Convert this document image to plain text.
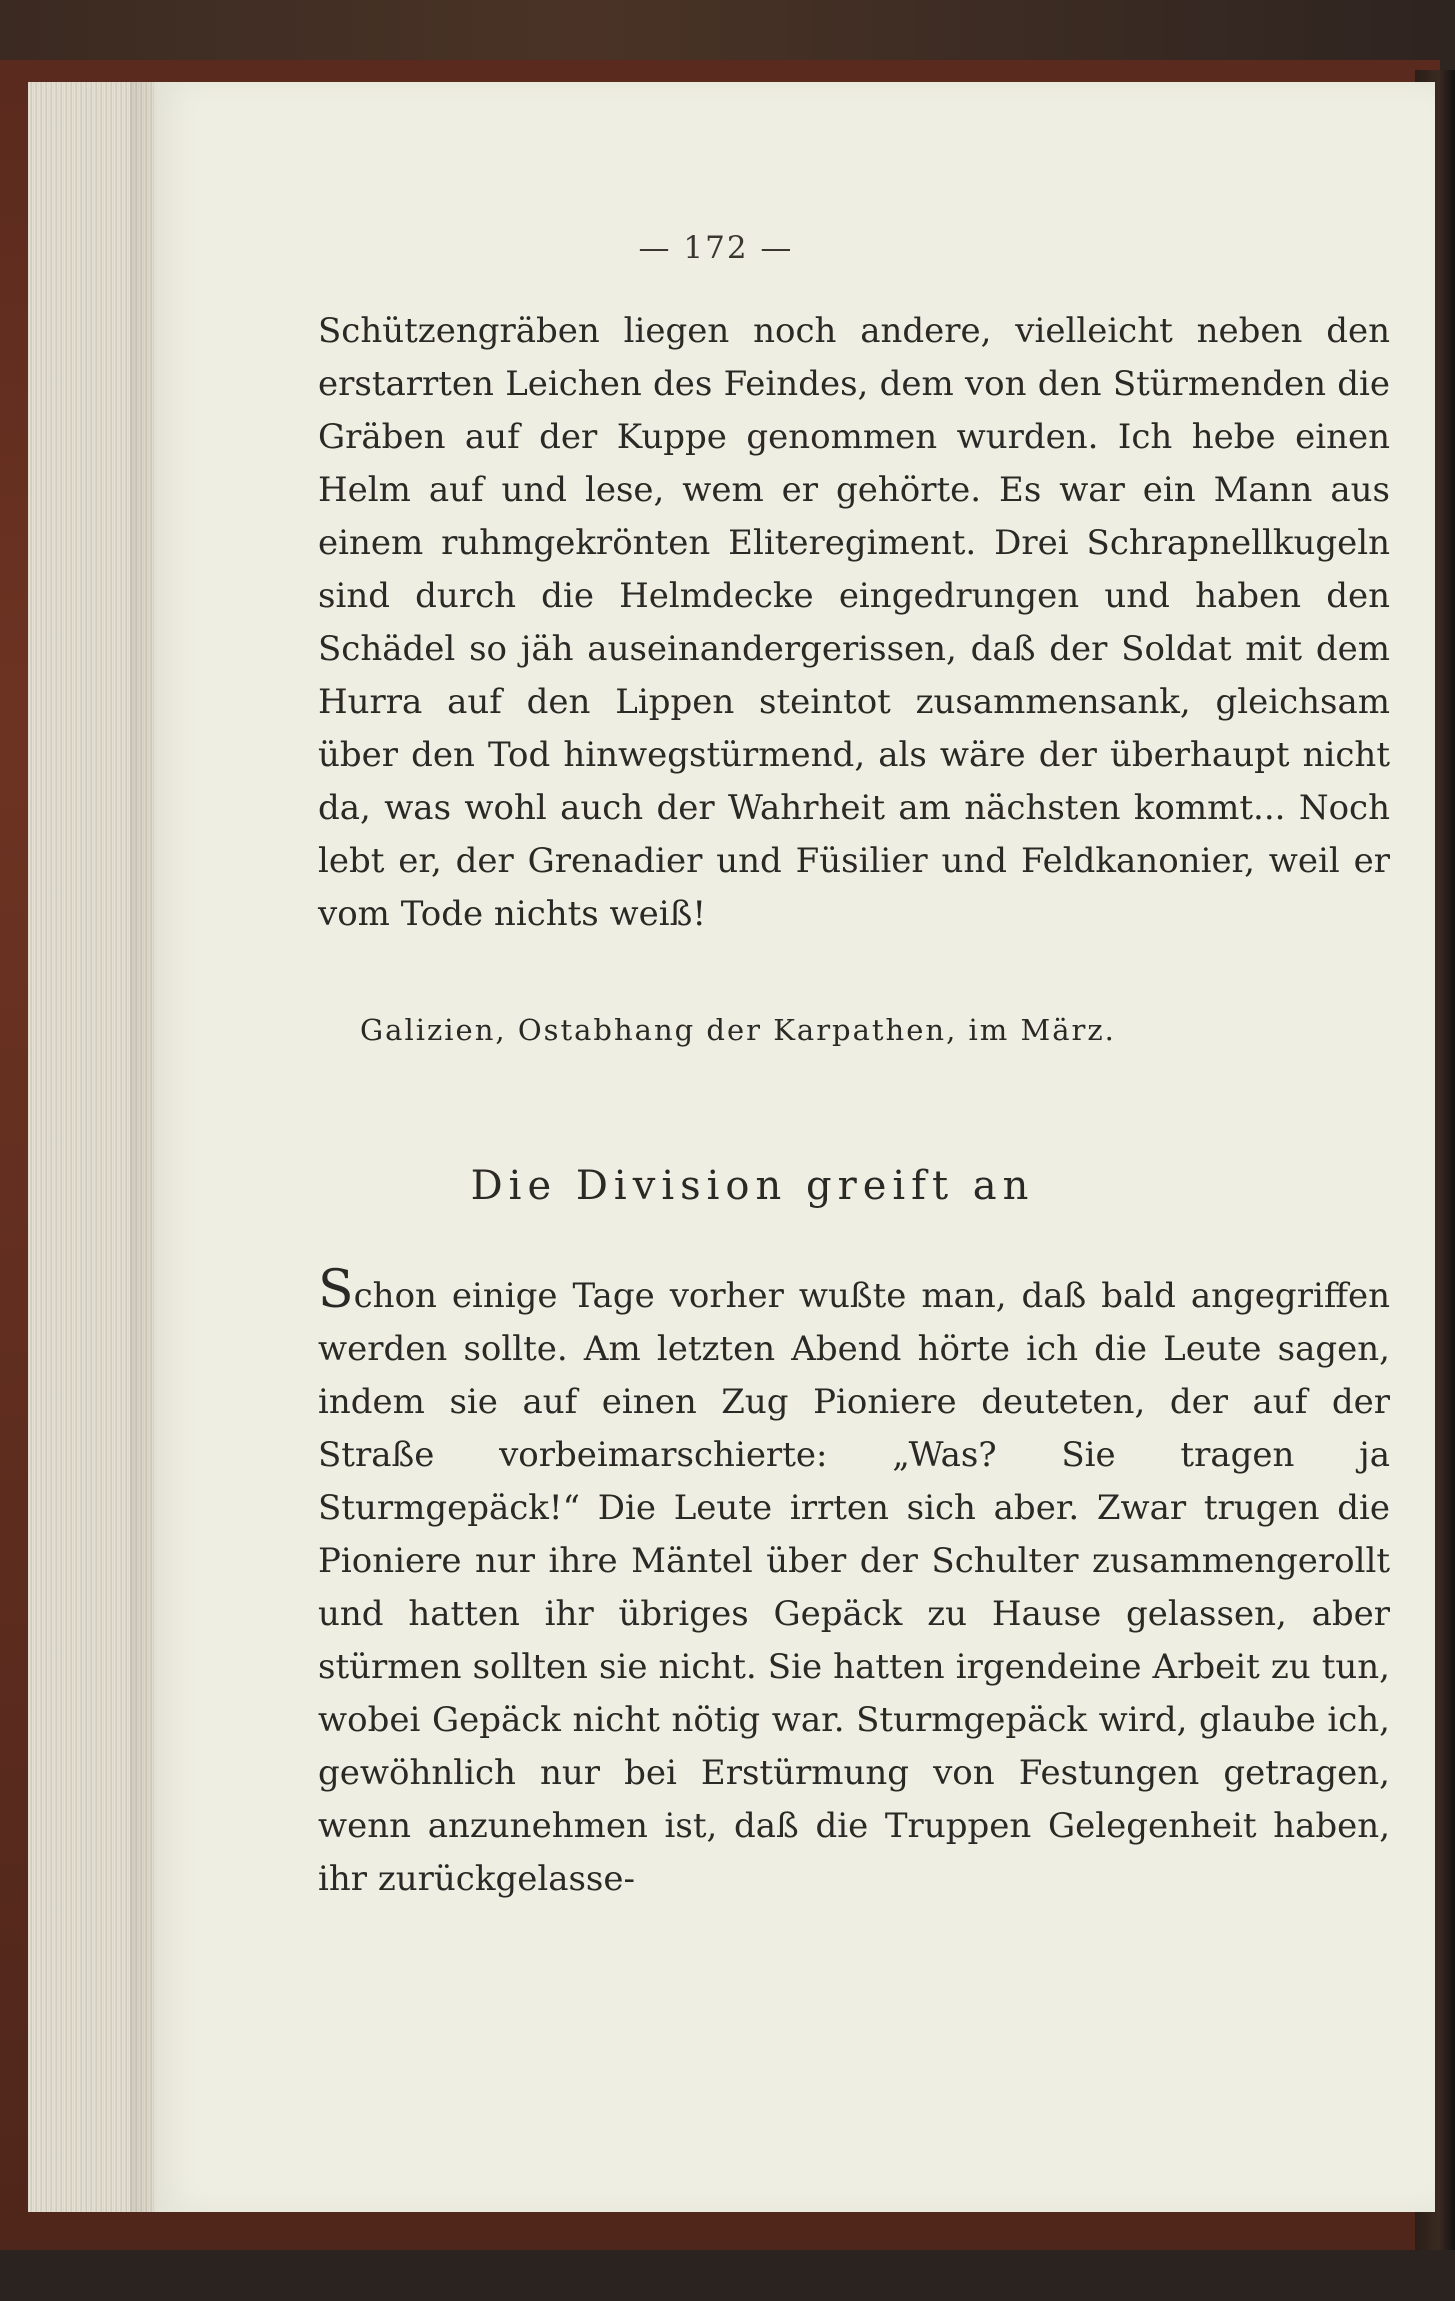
— 172 —

Schützengräben liegen noch andere, vielleicht neben den erstarrten Leichen des Feindes, dem von den Stürmenden die Gräben auf der Kuppe genommen wurden. Ich hebe einen Helm auf und lese, wem er gehörte. Es war ein Mann aus einem ruhmgekrönten Eliteregiment. Drei Schrapnellkugeln sind durch die Helmdecke eingedrungen und haben den Schädel so jäh auseinandergerissen, daß der Soldat mit dem Hurra auf den Lippen steintot zusammensank, gleichsam über den Tod hinwegstürmend, als wäre der überhaupt nicht da, was wohl auch der Wahrheit am nächsten kommt... Noch lebt er, der Grenadier und Füsilier und Feldkanonier, weil er vom Tode nichts weiß!

Galizien, Ostabhang der Karpathen, im März.
Die Division greift an

Schon einige Tage vorher wußte man, daß bald angegriffen werden sollte. Am letzten Abend hörte ich die Leute sagen, indem sie auf einen Zug Pioniere deuteten, der auf der Straße vorbeimarschierte: „Was? Sie tragen ja Sturmgepäck!“ Die Leute irrten sich aber. Zwar trugen die Pioniere nur ihre Mäntel über der Schulter zusammengerollt und hatten ihr übriges Gepäck zu Hause gelassen, aber stürmen sollten sie nicht. Sie hatten irgendeine Arbeit zu tun, wobei Gepäck nicht nötig war. Sturmgepäck wird, glaube ich, gewöhnlich nur bei Erstürmung von Festungen getragen, wenn anzunehmen ist, daß die Truppen Gelegenheit haben, ihr zurückgelasse-
